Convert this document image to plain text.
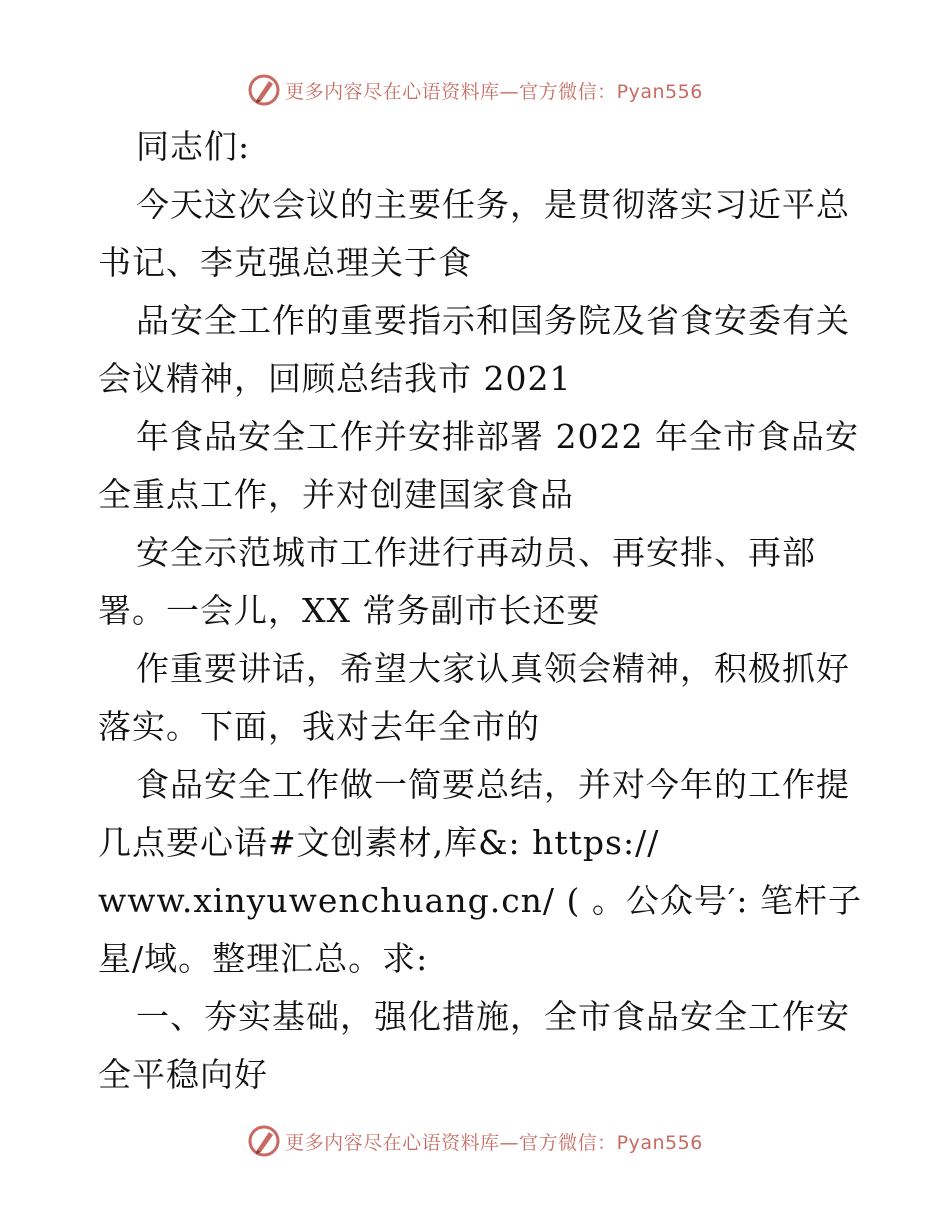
更多内容尽在心语资料库—官方微信：Pyan556
同志们:
今天这次会议的主要任务，是贯彻落实习近平总
书记、李克强总理关于食
品安全工作的重要指示和国务院及省食安委有关
会议精神，回顾总结我市 2021
年食品安全工作并安排部署 2022 年全市食品安
全重点工作，并对创建国家食品
安全示范城市工作进行再动员、再安排、再部
署。一会儿，XX 常务副市长还要
作重要讲话，希望大家认真领会精神，积极抓好
落实。下面，我对去年全市的
食品安全工作做一简要总结，并对今年的工作提
几点要心语#文创素材,库&: https://
www.xinyuwenchuang.cn/ ( 。公众号′: 笔杆子
星/域。整理汇总。求:
一、夯实基础，强化措施，全市食品安全工作安
全平稳向好
更多内容尽在心语资料库—官方微信：Pyan556
